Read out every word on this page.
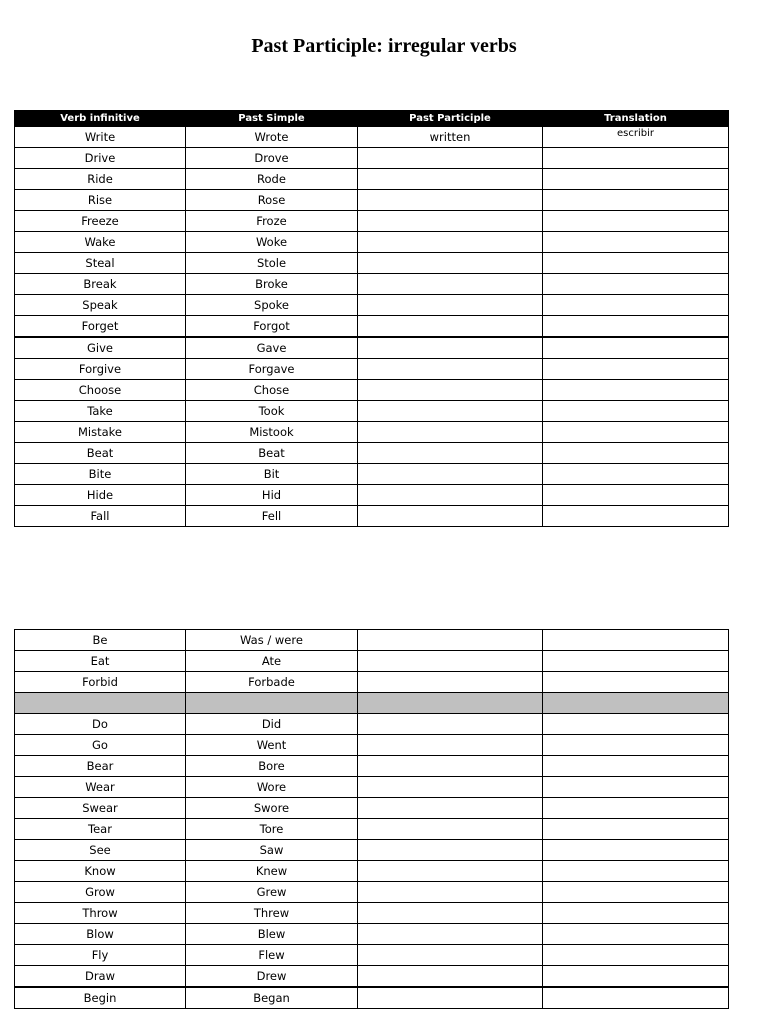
Past Participle: irregular verbs
Verb infinitive	Past Simple	Past Participle	Translation
Write	Wrote	written	escribir
Drive	Drove		
Ride	Rode		
Rise	Rose		
Freeze	Froze		
Wake	Woke		
Steal	Stole		
Break	Broke		
Speak	Spoke		
Forget	Forgot		
Give	Gave		
Forgive	Forgave		
Choose	Chose		
Take	Took		
Mistake	Mistook		
Beat	Beat		
Bite	Bit		
Hide	Hid		
Fall	Fell		
Be	Was / were		
Eat	Ate		
Forbid	Forbade		

Do	Did		
Go	Went		
Bear	Bore		
Wear	Wore		
Swear	Swore		
Tear	Tore		
See	Saw		
Know	Knew		
Grow	Grew		
Throw	Threw		
Blow	Blew		
Fly	Flew		
Draw	Drew		
Begin	Began		
